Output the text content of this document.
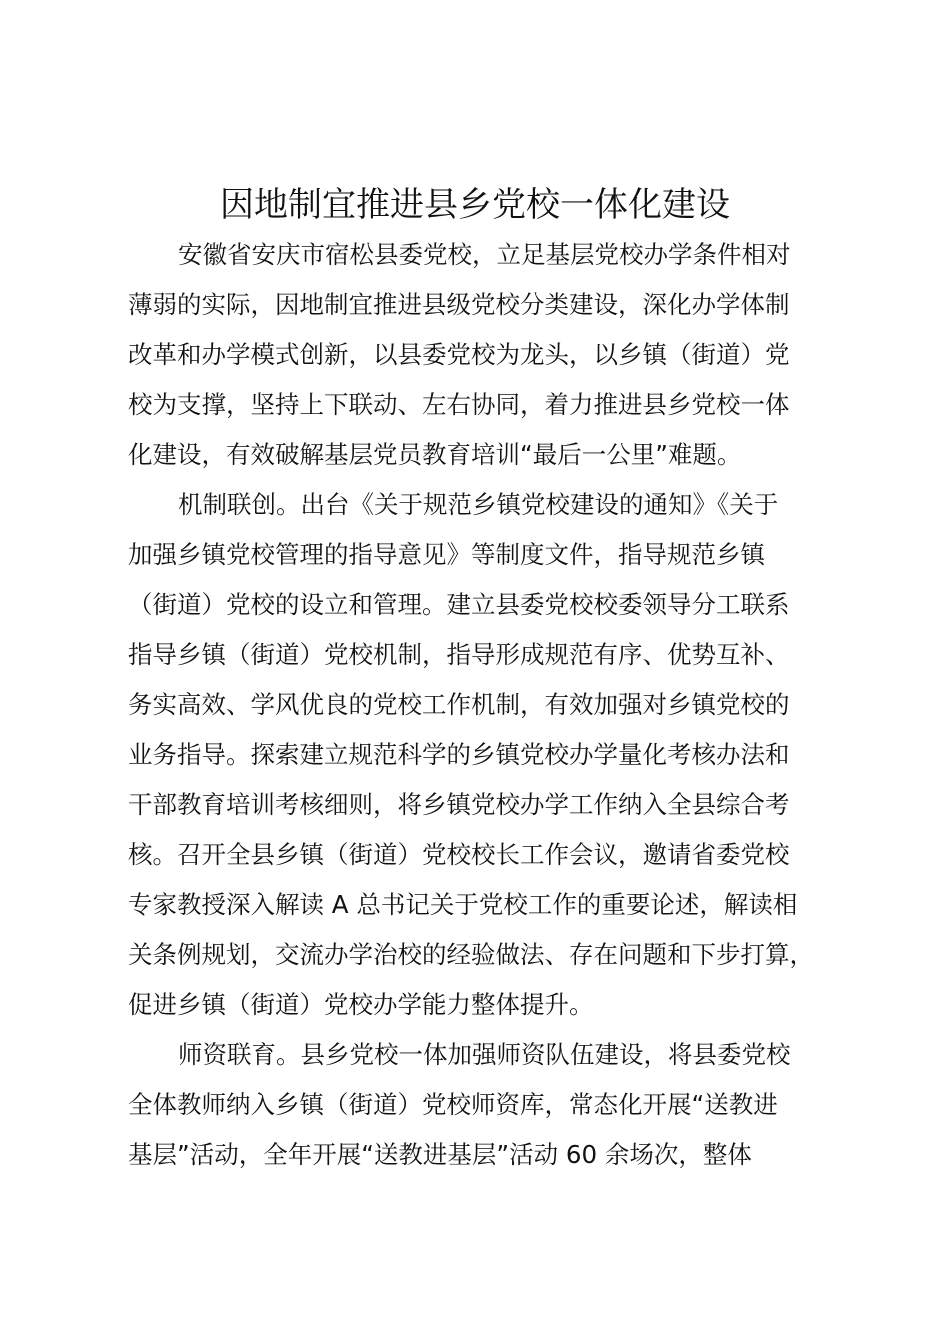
因地制宜推进县乡党校一体化建设
安徽省安庆市宿松县委党校，立足基层党校办学条件相对
薄弱的实际，因地制宜推进县级党校分类建设，深化办学体制
改革和办学模式创新，以县委党校为龙头，以乡镇（街道）党
校为支撑，坚持上下联动、左右协同，着力推进县乡党校一体
化建设，有效破解基层党员教育培训“最后一公里”难题。
机制联创。出台《关于规范乡镇党校建设的通知》《关于
加强乡镇党校管理的指导意见》等制度文件，指导规范乡镇
（街道）党校的设立和管理。建立县委党校校委领导分工联系
指导乡镇（街道）党校机制，指导形成规范有序、优势互补、
务实高效、学风优良的党校工作机制，有效加强对乡镇党校的
业务指导。探索建立规范科学的乡镇党校办学量化考核办法和
干部教育培训考核细则，将乡镇党校办学工作纳入全县综合考
核。召开全县乡镇（街道）党校校长工作会议，邀请省委党校
专家教授深入解读 A 总书记关于党校工作的重要论述，解读相
关条例规划，交流办学治校的经验做法、存在问题和下步打算，
促进乡镇（街道）党校办学能力整体提升。
师资联育。县乡党校一体加强师资队伍建设，将县委党校
全体教师纳入乡镇（街道）党校师资库，常态化开展“送教进
基层”活动，全年开展“送教进基层”活动 60 余场次，整体
